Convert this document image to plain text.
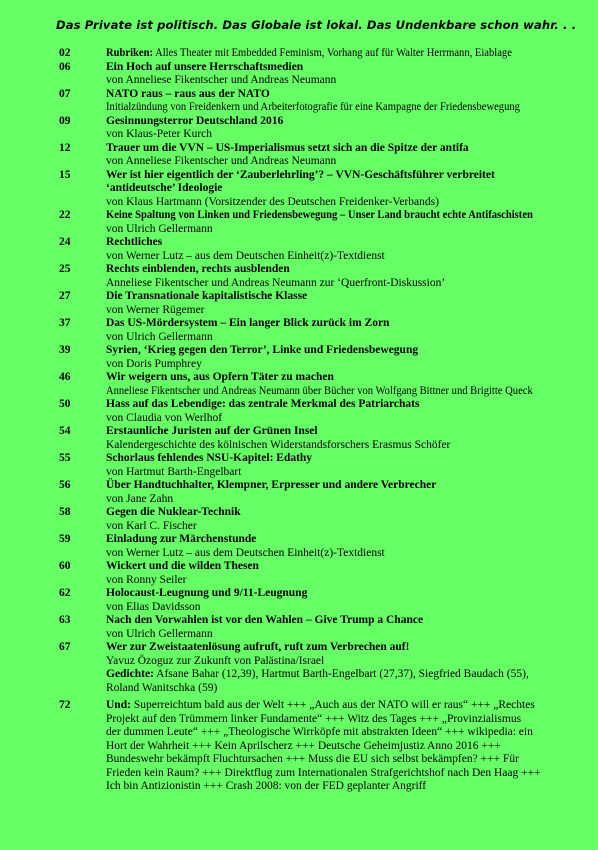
Das Private ist politisch. Das Globale ist lokal. Das Undenkbare schon wahr. . .
02	Rubriken: Alles Theater mit Embedded Feminism, Vorhang auf für Walter Herrmann, Eiablage
06	Ein Hoch auf unsere Herrschaftsmedien
von Anneliese Fikentscher und Andreas Neumann
07	NATO raus – raus aus der NATO
Initialzündung von Freidenkern und Arbeiterfotografie für eine Kampagne der Friedensbewegung
09	Gesinnungsterror Deutschland 2016
von Klaus-Peter Kurch
12	Trauer um die VVN – US-Imperialismus setzt sich an die Spitze der antifa
von Anneliese Fikentscher und Andreas Neumann
15	Wer ist hier eigentlich der ‘Zauberlehrling’? – VVN-Geschäftsführer verbreitet
‘antideutsche’ Ideologie
von Klaus Hartmann (Vorsitzender des Deutschen Freidenker-Verbands)
22	Keine Spaltung von Linken und Friedensbewegung – Unser Land braucht echte Antifaschisten
von Ulrich Gellermann
24	Rechtliches
von Werner Lutz – aus dem Deutschen Einheit(z)-Textdienst
25	Rechts einblenden, rechts ausblenden
Anneliese Fikentscher und Andreas Neumann zur ‘Querfront-Diskussion’
27	Die Transnationale kapitalistische Klasse
von Werner Rügemer
37	Das US-Mördersystem – Ein langer Blick zurück im Zorn
von Ulrich Gellermann
39	Syrien, ‘Krieg gegen den Terror’, Linke und Friedensbewegung
von Doris Pumphrey
46	Wir weigern uns, aus Opfern Täter zu machen
Anneliese Fikentscher und Andreas Neumann über Bücher von Wolfgang Bittner und Brigitte Queck
50	Hass auf das Lebendige: das zentrale Merkmal des Patriarchats
von Claudia von Werlhof
54	Erstaunliche Juristen auf der Grünen Insel
Kalendergeschichte des kölnischen Widerstandsforschers Erasmus Schöfer
55	Schorlaus fehlendes NSU-Kapitel: Edathy
von Hartmut Barth-Engelbart
56	Über Handtuchhalter, Klempner, Erpresser und andere Verbrecher
von Jane Zahn
58	Gegen die Nuklear-Technik
von Karl C. Fischer
59	Einladung zur Märchenstunde
von Werner Lutz – aus dem Deutschen Einheit(z)-Textdienst
60	Wickert und die wilden Thesen
von Ronny Seiler
62	Holocaust-Leugnung und 9/11-Leugnung
von Elias Davidsson
63	Nach den Vorwahlen ist vor den Wahlen – Give Trump a Chance
von Ulrich Gellermann
67	Wer zur Zweistaatenlösung aufruft, ruft zum Verbrechen auf!
Yavuz Özoguz zur Zukunft von Palästina/Israel
Gedichte: Afsane Bahar (12,39), Hartmut Barth-Engelbart (27,37), Siegfried Baudach (55),
Roland Wanitschka (59)
72	Und: Superreichtum bald aus der Welt +++ „Auch aus der NATO will er raus“ +++ „Rechtes
Projekt auf den Trümmern linker Fundamente“ +++ Witz des Tages +++ „Provinzialismus
der dummen Leute“ +++ „Theologische Wirrköpfe mit abstrakten Ideen“ +++ wikipedia: ein
Hort der Wahrheit +++ Kein Aprilscherz +++ Deutsche Geheimjustiz Anno 2016 +++
Bundeswehr bekämpft Fluchtursachen +++ Muss die EU sich selbst bekämpfen? +++ Für
Frieden kein Raum? +++ Direktflug zum Internationalen Strafgerichtshof nach Den Haag +++
Ich bin Antizionistin +++ Crash 2008: von der FED geplanter Angriff
